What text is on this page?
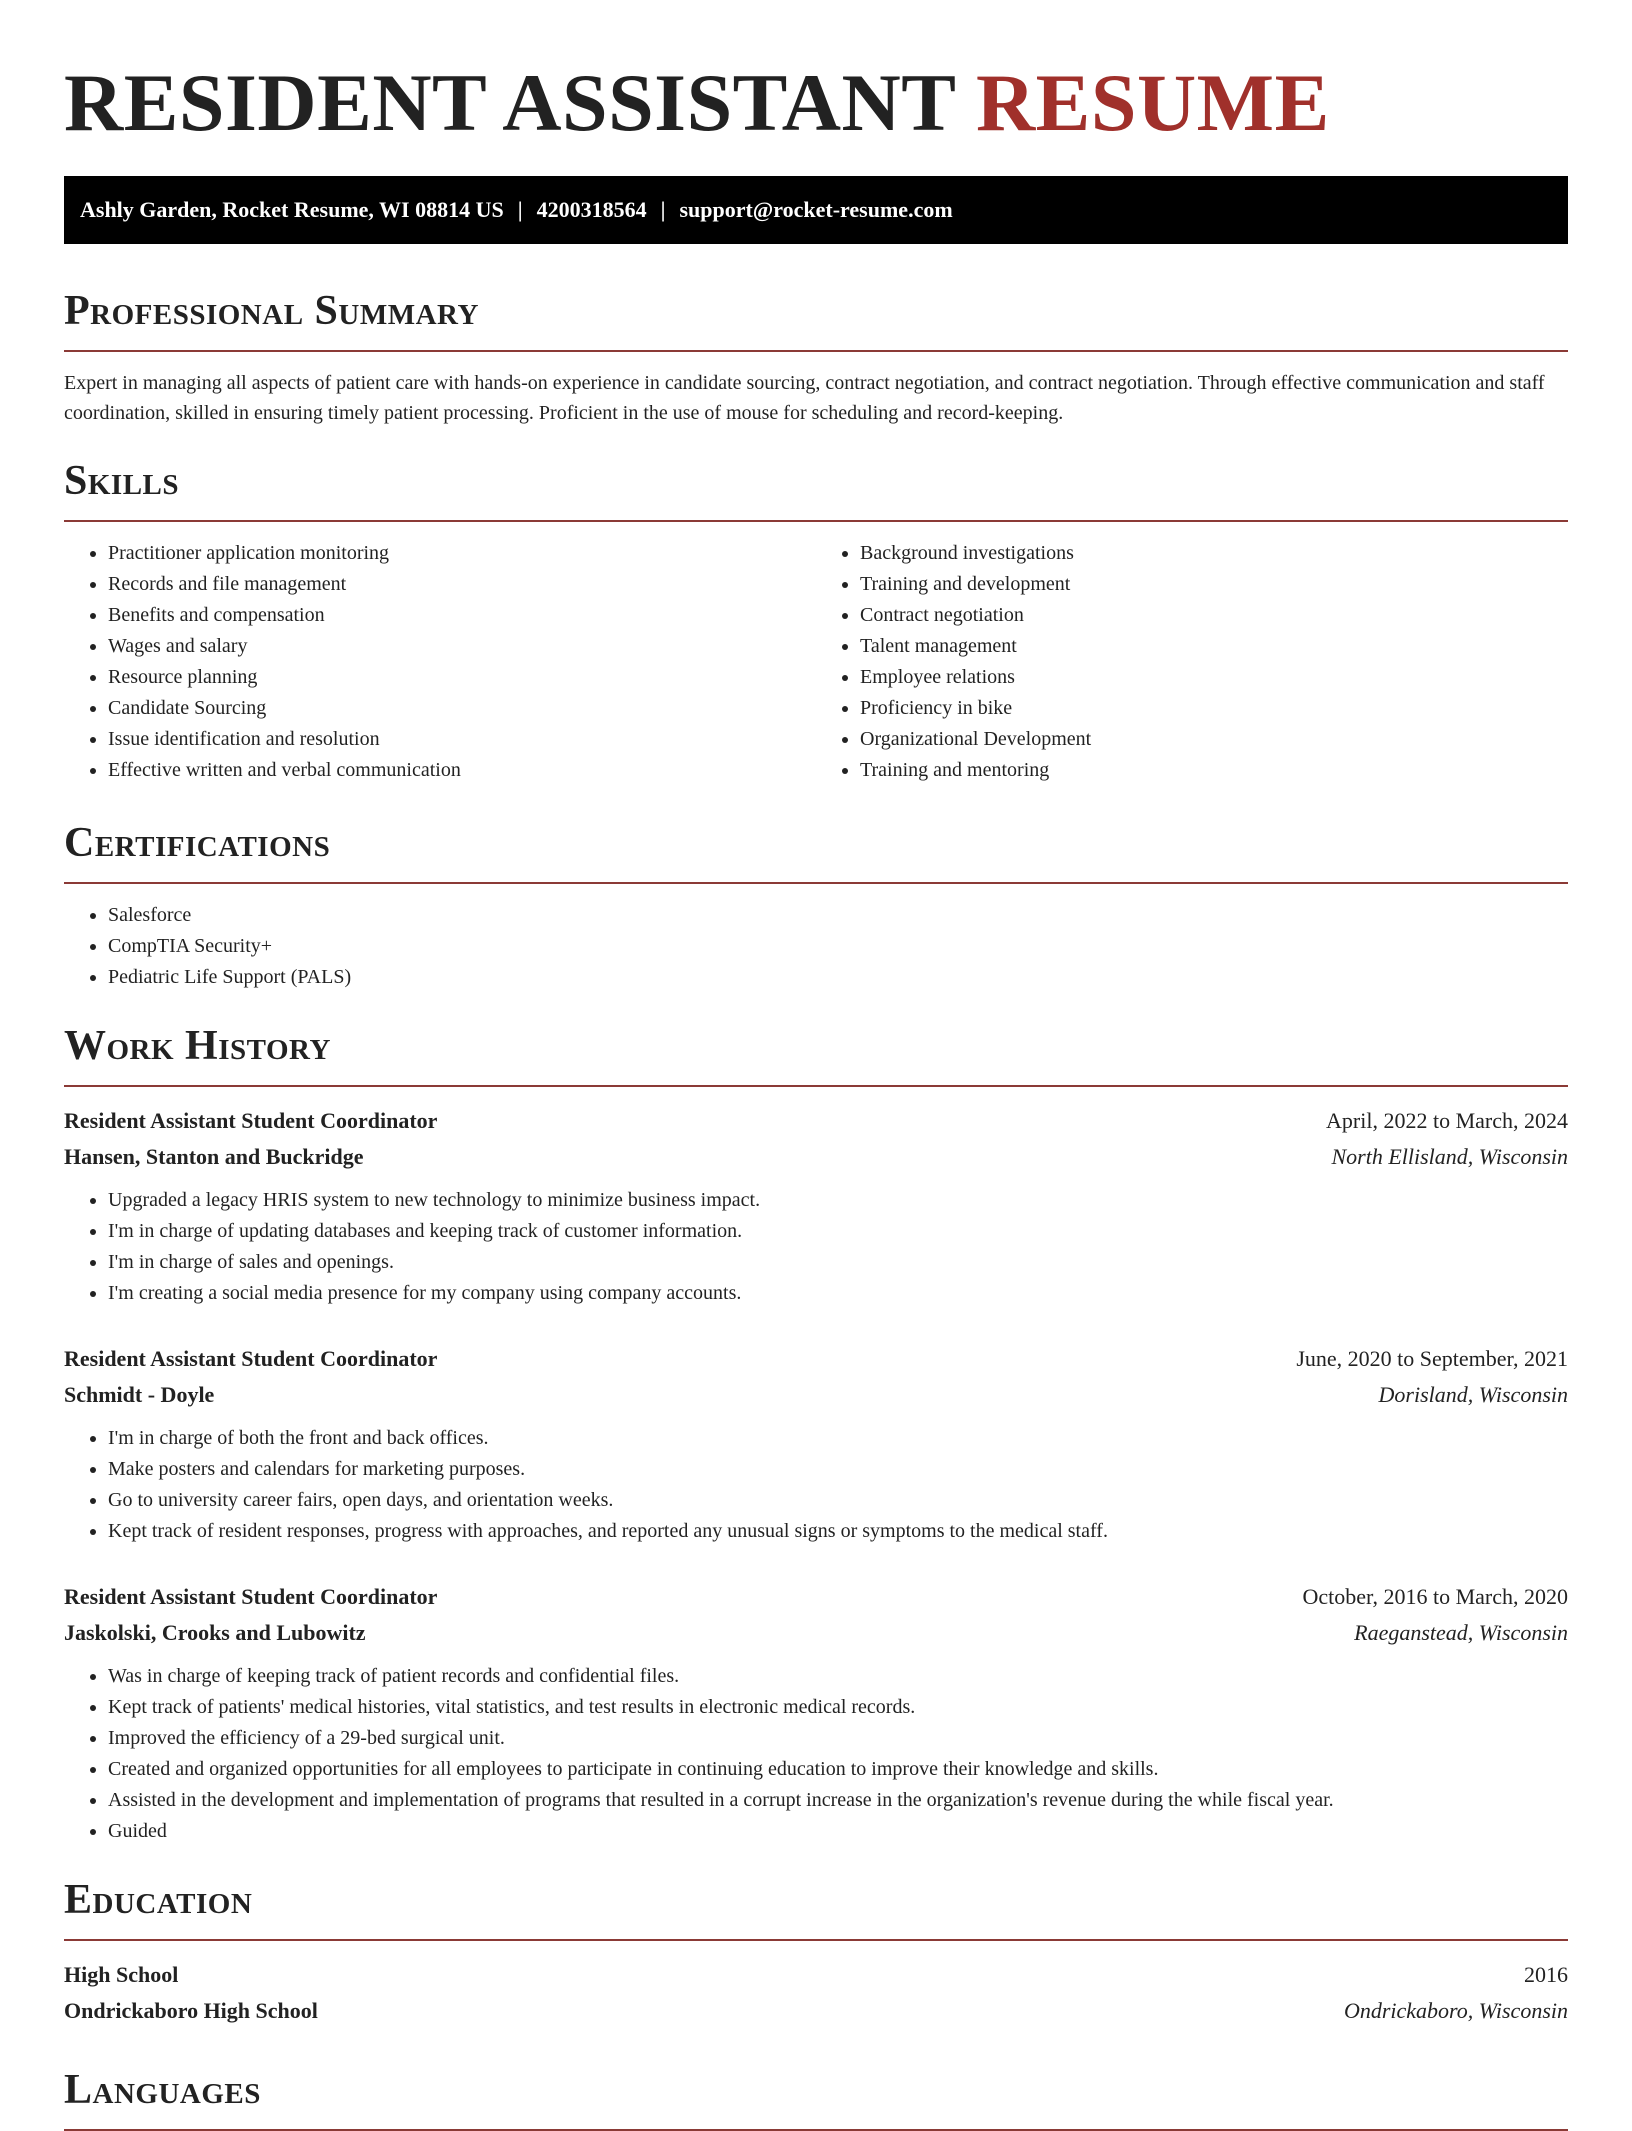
RESIDENT ASSISTANT RESUME
Ashly Garden, Rocket Resume, WI 08814 US | 4200318564 | support@rocket-resume.com
Professional Summary

Expert in managing all aspects of patient care with hands-on experience in candidate sourcing, contract negotiation, and contract negotiation. Through effective communication and staff coordination, skilled in ensuring timely patient processing. Proficient in the use of mouse for scheduling and record-keeping.

Skills
• Practitioner application monitoring
• Records and file management
• Benefits and compensation
• Wages and salary
• Resource planning
• Candidate Sourcing
• Issue identification and resolution
• Effective written and verbal communication
• Background investigations
• Training and development
• Contract negotiation
• Talent management
• Employee relations
• Proficiency in bike
• Organizational Development
• Training and mentoring
Certifications
• Salesforce
• CompTIA Security+
• Pediatric Life Support (PALS)
Work History
Resident Assistant Student Coordinator	April, 2022 to March, 2024
Hansen, Stanton and Buckridge	North Ellisland, Wisconsin
• Upgraded a legacy HRIS system to new technology to minimize business impact.
• I'm in charge of updating databases and keeping track of customer information.
• I'm in charge of sales and openings.
• I'm creating a social media presence for my company using company accounts.
Resident Assistant Student Coordinator	June, 2020 to September, 2021
Schmidt - Doyle	Dorisland, Wisconsin
• I'm in charge of both the front and back offices.
• Make posters and calendars for marketing purposes.
• Go to university career fairs, open days, and orientation weeks.
• Kept track of resident responses, progress with approaches, and reported any unusual signs or symptoms to the medical staff.
Resident Assistant Student Coordinator	October, 2016 to March, 2020
Jaskolski, Crooks and Lubowitz	Raeganstead, Wisconsin
• Was in charge of keeping track of patient records and confidential files.
• Kept track of patients' medical histories, vital statistics, and test results in electronic medical records.
• Improved the efficiency of a 29-bed surgical unit.
• Created and organized opportunities for all employees to participate in continuing education to improve their knowledge and skills.
• Assisted in the development and implementation of programs that resulted in a corrupt increase in the organization's revenue during the while fiscal year.
• Guided
Education
High School	2016
Ondrickaboro High School	Ondrickaboro, Wisconsin
Languages
